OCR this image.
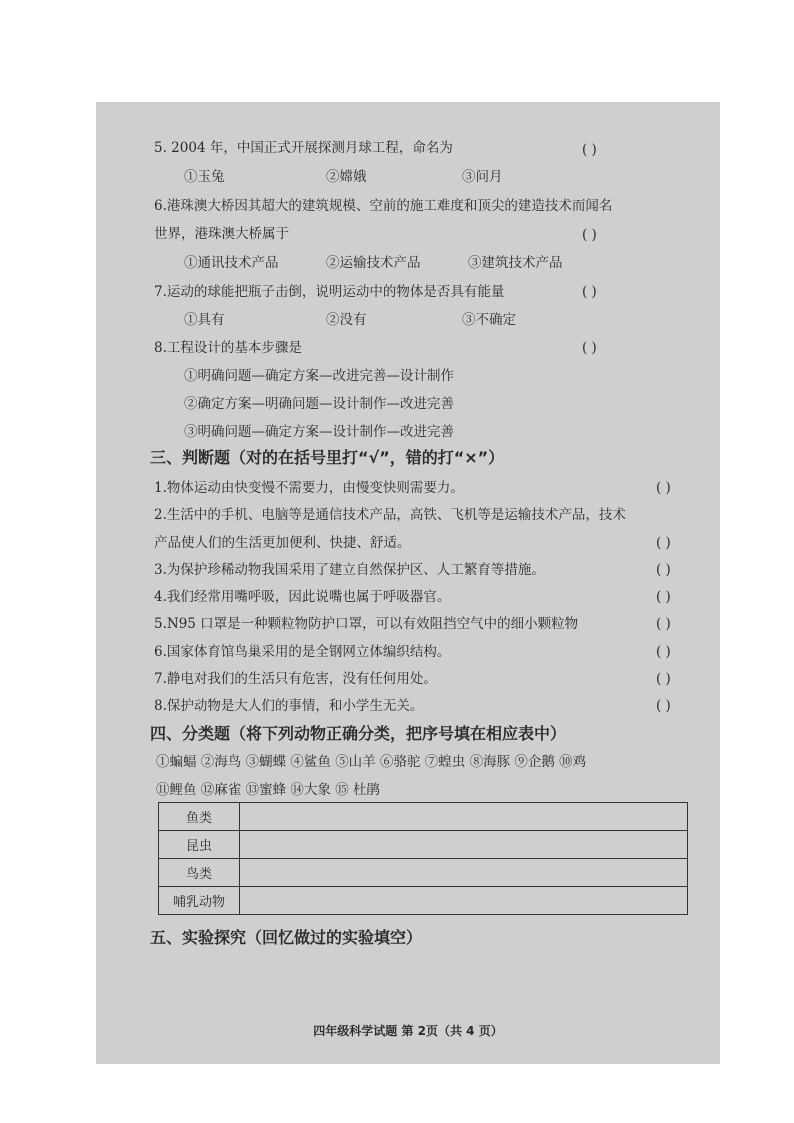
5. 2004 年，中国正式开展探测月球工程，命名为	( )
①玉兔	②嫦娥	③问月
6.港珠澳大桥因其超大的建筑规模、空前的施工难度和顶尖的建造技术而闻名
世界，港珠澳大桥属于	( )
①通讯技术产品	②运输技术产品	③建筑技术产品
7.运动的球能把瓶子击倒，说明运动中的物体是否具有能量	( )
①具有	②没有	③不确定
8.工程设计的基本步骤是	( )
①明确问题—确定方案—改进完善—设计制作
②确定方案—明确问题—设计制作—改进完善
③明确问题—确定方案—设计制作—改进完善
三、判断题（对的在括号里打“√”，错的打“×”）
1.物体运动由快变慢不需要力，由慢变快则需要力。	( )
2.生活中的手机、电脑等是通信技术产品，高铁、飞机等是运输技术产品，技术
产品使人们的生活更加便利、快捷、舒适。	( )
3.为保护珍稀动物我国采用了建立自然保护区、人工繁育等措施。	( )
4.我们经常用嘴呼吸，因此说嘴也属于呼吸器官。	( )
5.N95 口罩是一种颗粒物防护口罩，可以有效阻挡空气中的细小颗粒物	( )
6.国家体育馆鸟巢采用的是全钢网立体编织结构。	( )
7.静电对我们的生活只有危害，没有任何用处。	( )
8.保护动物是大人们的事情，和小学生无关。	( )
四、分类题（将下列动物正确分类，把序号填在相应表中）
①蝙蝠 ②海鸟 ③蝴蝶 ④鲨鱼 ⑤山羊 ⑥骆驼 ⑦蝗虫 ⑧海豚 ⑨企鹅 ⑩鸡
⑪鲤鱼 ⑫麻雀 ⑬蜜蜂 ⑭大象 ⑮ 杜鹃
鱼类	
昆虫	
鸟类	
哺乳动物	
五、实验探究（回忆做过的实验填空）
四年级科学试题 第 2页（共 4 页）
